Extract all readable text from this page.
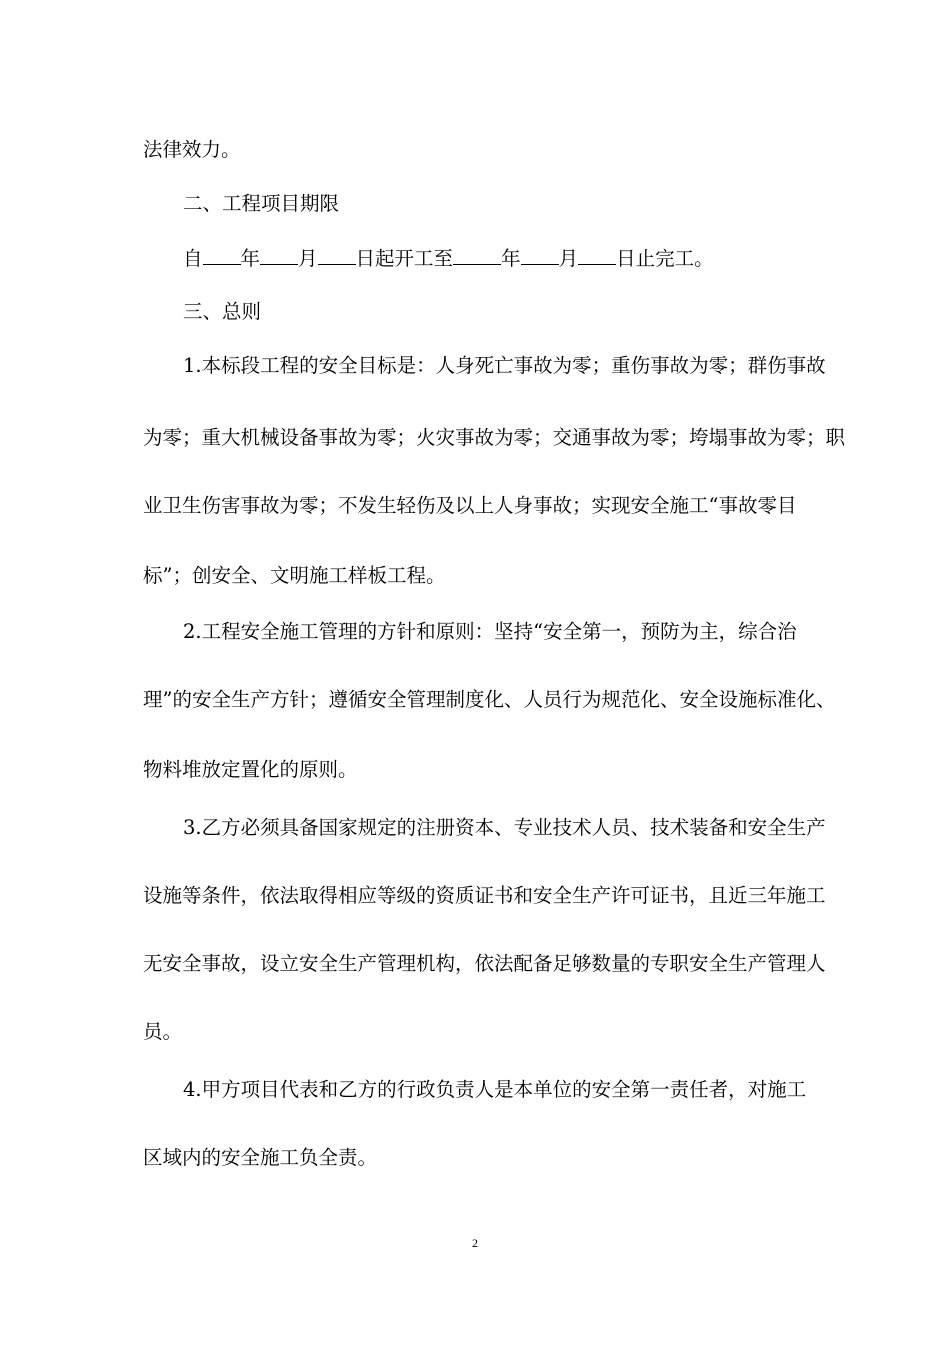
法律效力。
二、工程项目期限
自 年 月 日起开工至 年 月 日止完工。
三、总则
1.本标段工程的安全目标是：人身死亡事故为零；重伤事故为零；群伤事故
为零；重大机械设备事故为零；火灾事故为零；交通事故为零；垮塌事故为零；职
业卫生伤害事故为零；不发生轻伤及以上人身事故；实现安全施工“事故零目
标”；创安全、文明施工样板工程。
2.工程安全施工管理的方针和原则：坚持“安全第一，预防为主，综合治
理”的安全生产方针；遵循安全管理制度化、人员行为规范化、安全设施标准化、
物料堆放定置化的原则。
3.乙方必须具备国家规定的注册资本、专业技术人员、技术装备和安全生产
设施等条件，依法取得相应等级的资质证书和安全生产许可证书，且近三年施工
无安全事故，设立安全生产管理机构，依法配备足够数量的专职安全生产管理人
员。
4.甲方项目代表和乙方的行政负责人是本单位的安全第一责任者，对施工
区域内的安全施工负全责。
2
